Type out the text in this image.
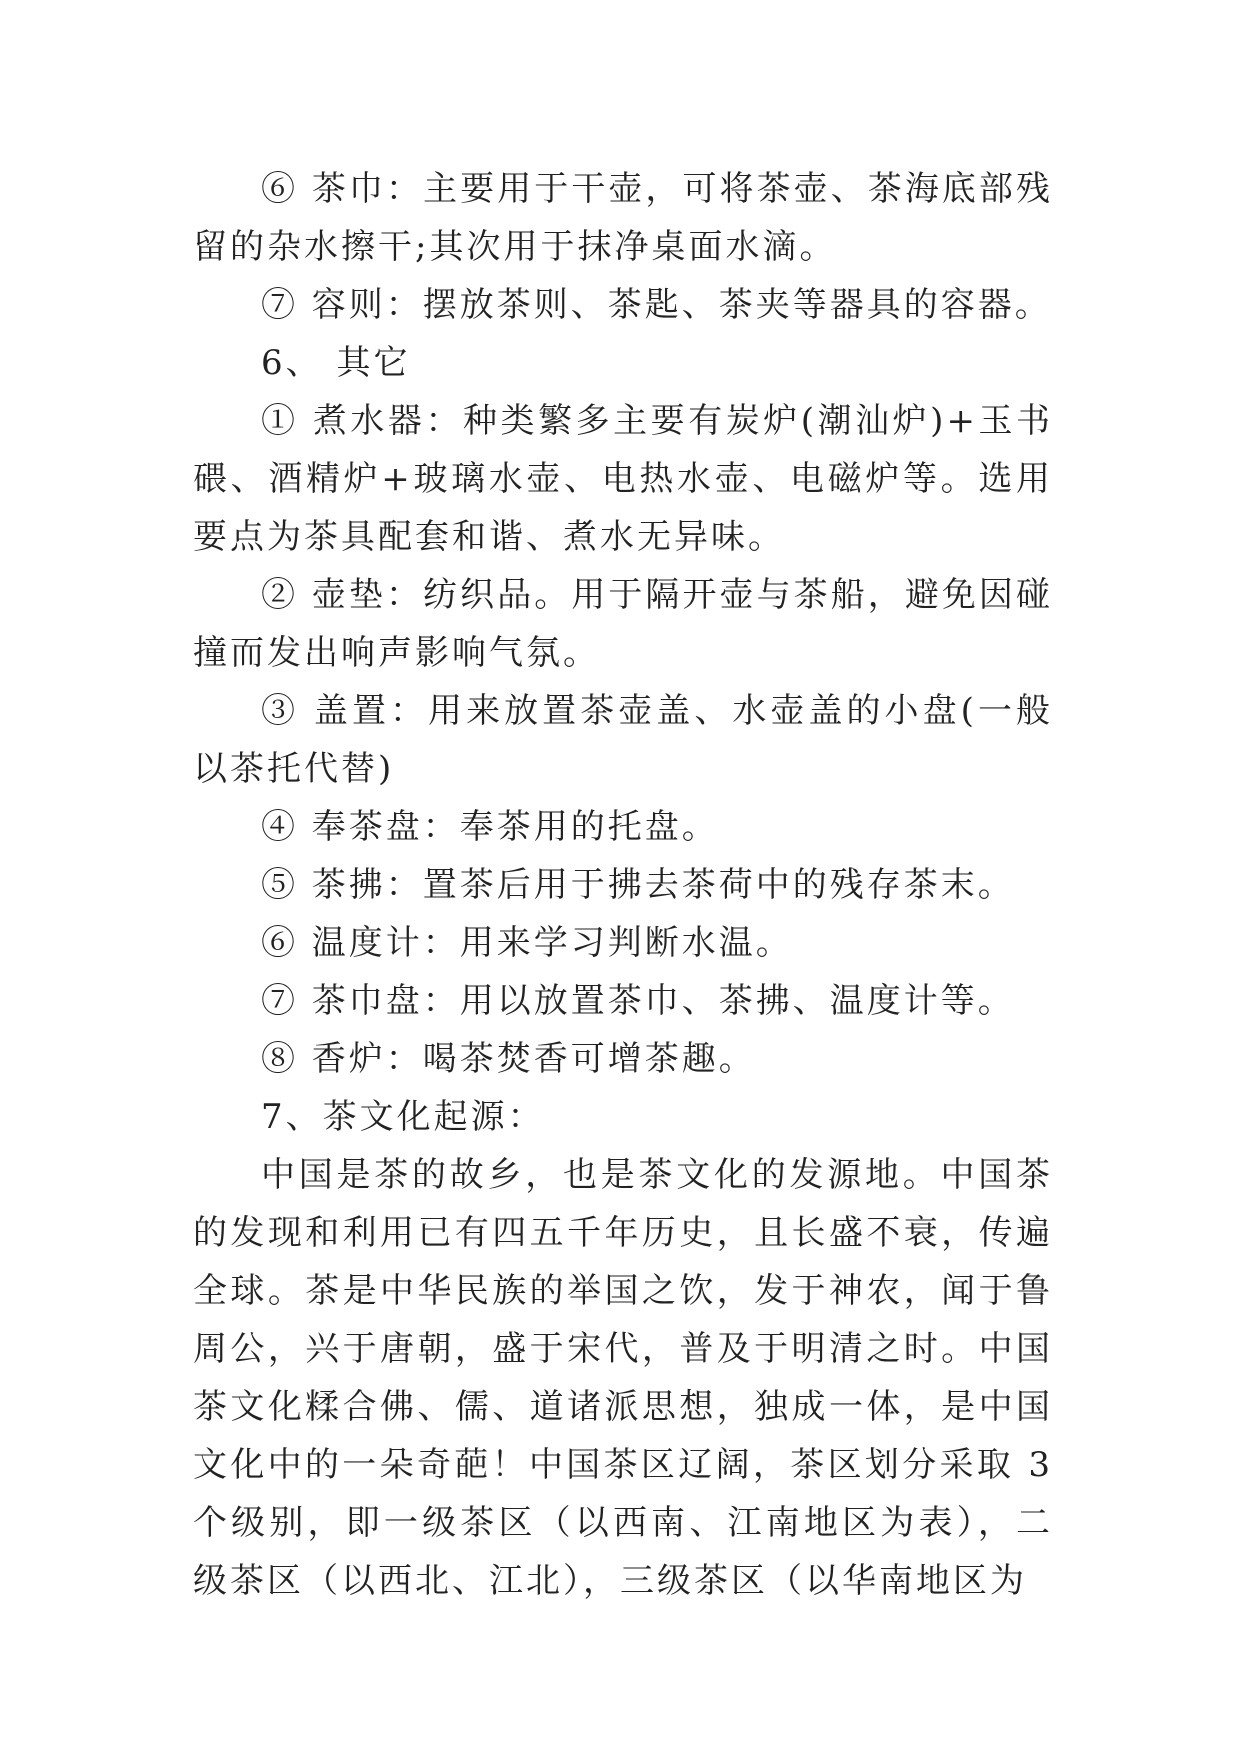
⑥ 茶巾：主要用于干壶，可将茶壶、茶海底部残留的杂水擦干;其次用于抹净桌面水滴。

⑦ 容则：摆放茶则、茶匙、茶夹等器具的容器。

6、 其它

① 煮水器：种类繁多主要有炭炉(潮汕炉)+玉书碨、酒精炉+玻璃水壶、电热水壶、电磁炉等。选用要点为茶具配套和谐、煮水无异味。

② 壶垫：纺织品。用于隔开壶与茶船，避免因碰撞而发出响声影响气氛。

③ 盖置：用来放置茶壶盖、水壶盖的小盘(一般以茶托代替)

④ 奉茶盘：奉茶用的托盘。

⑤ 茶拂：置茶后用于拂去茶荷中的残存茶末。

⑥ 温度计：用来学习判断水温。

⑦ 茶巾盘：用以放置茶巾、茶拂、温度计等。

⑧ 香炉：喝茶焚香可增茶趣。

7、茶文化起源：

中国是茶的故乡，也是茶文化的发源地。中国茶的发现和利用已有四五千年历史，且长盛不衰，传遍全球。茶是中华民族的举国之饮，发于神农，闻于鲁周公，兴于唐朝，盛于宋代，普及于明清之时。中国茶文化糅合佛、儒、道诸派思想，独成一体，是中国文化中的一朵奇葩！中国茶区辽阔，茶区划分采取 3 个级别，即一级茶区（以西南、江南地区为表），二级茶区（以西北、江北），三级茶区（以华南地区为
